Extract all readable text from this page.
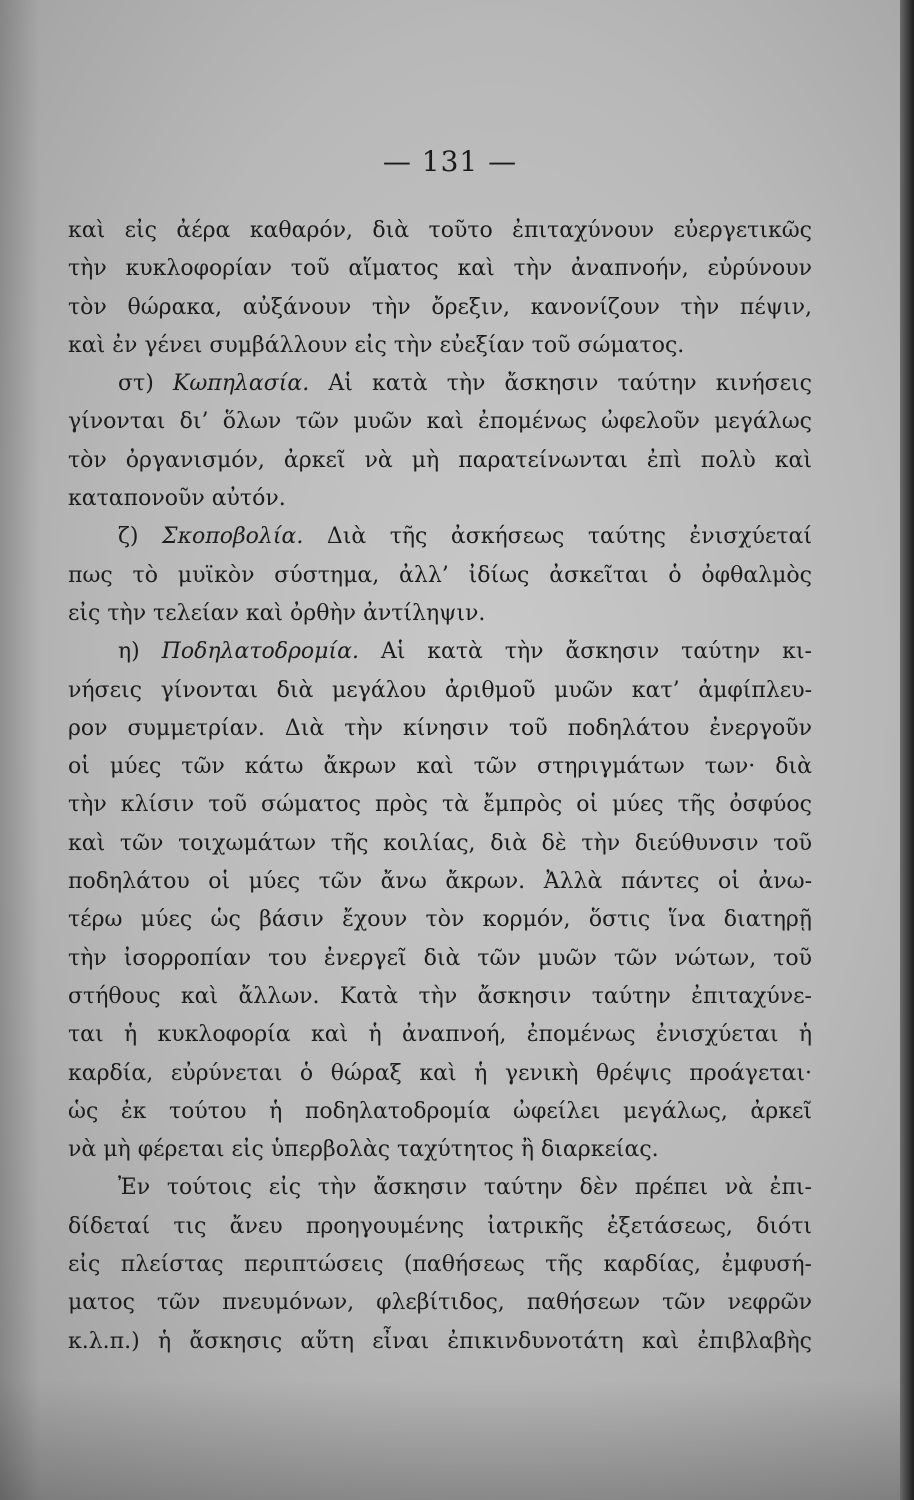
— 131 —
καὶ εἰς ἀέρα καθαρόν, διὰ τοῦτο ἐπιταχύνουν εὐεργετικῶς
τὴν κυκλοφορίαν τοῦ αἵματος καὶ τὴν ἀναπνοήν, εὐρύνουν
τὸν θώρακα, αὐξάνουν τὴν ὄρεξιν, κανονίζουν τὴν πέψιν,
καὶ ἐν γένει συμβάλλουν εἰς τὴν εὐεξίαν τοῦ σώματος.
στ) Κωπηλασία. Αἱ κατὰ τὴν ἄσκησιν ταύτην κινήσεις
γίνονται δι’ ὅλων τῶν μυῶν καὶ ἐπομένως ὠφελοῦν μεγάλως
τὸν ὀργανισμόν, ἀρκεῖ νὰ μὴ παρατείνωνται ἐπὶ πολὺ καὶ
καταπονοῦν αὐτόν.
ζ) Σκοποβολία. Διὰ τῆς ἀσκήσεως ταύτης ἐνισχύεταί
πως τὸ μυϊκὸν σύστημα, ἀλλ’ ἰδίως ἀσκεῖται ὁ ὀφθαλμὸς
εἰς τὴν τελείαν καὶ ὀρθὴν ἀντίληψιν.
η) Ποδηλατοδρομία. Αἱ κατὰ τὴν ἄσκησιν ταύτην κι-
νήσεις γίνονται διὰ μεγάλου ἀριθμοῦ μυῶν κατ’ ἀμφίπλευ-
ρον συμμετρίαν. Διὰ τὴν κίνησιν τοῦ ποδηλάτου ἐνεργοῦν
οἱ μύες τῶν κάτω ἄκρων καὶ τῶν στηριγμάτων των· διὰ
τὴν κλίσιν τοῦ σώματος πρὸς τὰ ἔμπρὸς οἱ μύες τῆς ὀσφύος
καὶ τῶν τοιχωμάτων τῆς κοιλίας, διὰ δὲ τὴν διεύθυνσιν τοῦ
ποδηλάτου οἱ μύες τῶν ἄνω ἄκρων. Ἀλλὰ πάντες οἱ ἀνω-
τέρω μύες ὡς βάσιν ἔχουν τὸν κορμόν, ὅστις ἵνα διατηρῇ
τὴν ἰσορροπίαν του ἐνεργεῖ διὰ τῶν μυῶν τῶν νώτων, τοῦ
στήθους καὶ ἄλλων. Κατὰ τὴν ἄσκησιν ταύτην ἐπιταχύνε-
ται ἡ κυκλοφορία καὶ ἡ ἀναπνοή, ἐπομένως ἐνισχύεται ἡ
καρδία, εὐρύνεται ὁ θώραξ καὶ ἡ γενικὴ θρέψις προάγεται·
ὡς ἐκ τούτου ἡ ποδηλατοδρομία ὠφείλει μεγάλως, ἀρκεῖ
νὰ μὴ φέρεται εἰς ὑπερβολὰς ταχύτητος ἢ διαρκείας.
Ἐν τούτοις εἰς τὴν ἄσκησιν ταύτην δὲν πρέπει νὰ ἐπι-
δίδεταί τις ἄνευ προηγουμένης ἰατρικῆς ἐξετάσεως, διότι
εἰς πλείστας περιπτώσεις (παθήσεως τῆς καρδίας, ἐμφυσή-
ματος τῶν πνευμόνων, φλεβίτιδος, παθήσεων τῶν νεφρῶν
κ.λ.π.) ἡ ἄσκησις αὕτη εἶναι ἐπικινδυνοτάτη καὶ ἐπιβλαβὴς
